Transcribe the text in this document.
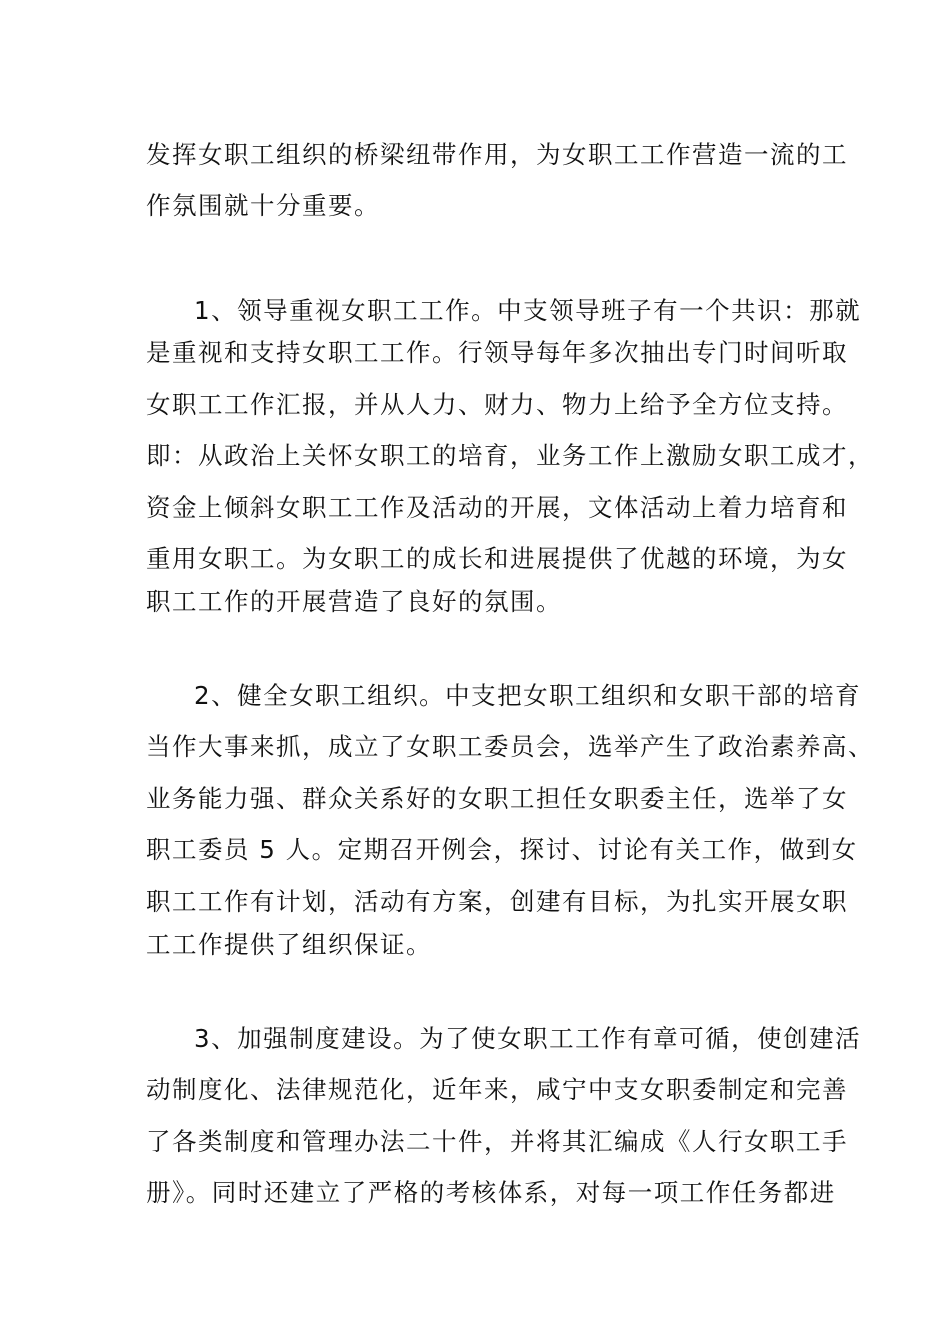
发挥女职工组织的桥梁纽带作用，为女职工工作营造一流的工
作氛围就十分重要。
1、领导重视女职工工作。中支领导班子有一个共识：那就
是重视和支持女职工工作。行领导每年多次抽出专门时间听取
女职工工作汇报，并从人力、财力、物力上给予全方位支持。
即：从政治上关怀女职工的培育，业务工作上激励女职工成才，
资金上倾斜女职工工作及活动的开展，文体活动上着力培育和
重用女职工。为女职工的成长和进展提供了优越的环境，为女
职工工作的开展营造了良好的氛围。
2、健全女职工组织。中支把女职工组织和女职干部的培育
当作大事来抓，成立了女职工委员会，选举产生了政治素养高、
业务能力强、群众关系好的女职工担任女职委主任，选举了女
职工委员 5 人。定期召开例会，探讨、讨论有关工作，做到女
职工工作有计划，活动有方案，创建有目标，为扎实开展女职
工工作提供了组织保证。
3、加强制度建设。为了使女职工工作有章可循，使创建活
动制度化、法律规范化，近年来，咸宁中支女职委制定和完善
了各类制度和管理办法二十件，并将其汇编成《人行女职工手
册》。同时还建立了严格的考核体系，对每一项工作任务都进
